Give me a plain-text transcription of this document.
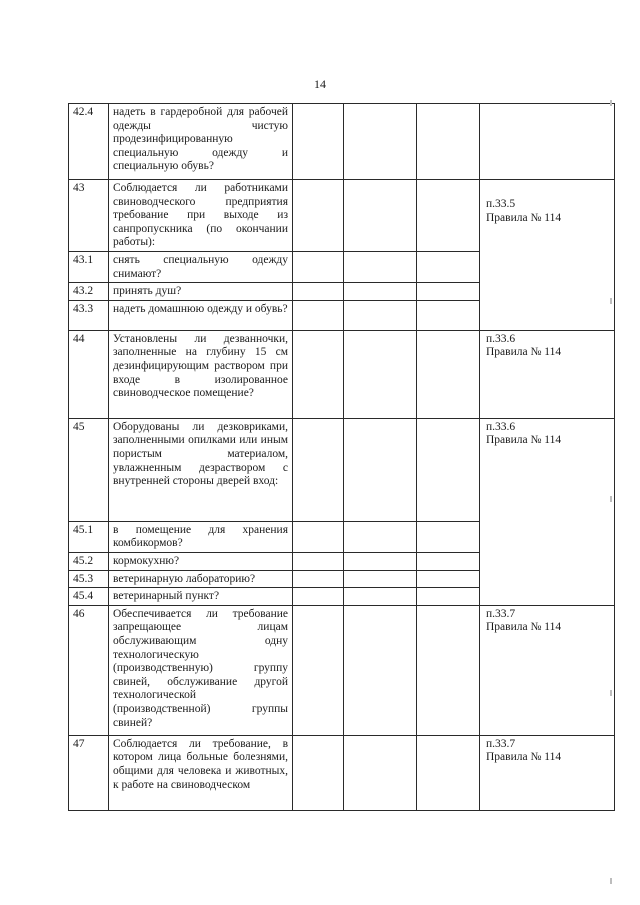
14
42.4	надеть в гардеробной для рабочей одежды чистую продезинфицированную специальную одежду и специальную обувь?				
43	Соблюдается ли работниками свиноводческого предприятия требование при выходе из санпропускника (по окончании работы):				п.33.5
Правила № 114
43.1	снять специальную одежду снимают?				
43.2	принять душ?				
43.3	надеть домашнюю одежду и обувь?				
44	Установлены ли дезванночки, заполненные на глубину 15 см дезинфицирующим раствором при входе в изолированное свиноводческое помещение?				п.33.6
Правила № 114
45	Оборудованы ли дезковриками, заполненными опилками или иным пористым материалом, увлажненным дезраствором с внутренней стороны дверей вход:				п.33.6
Правила № 114
45.1	в помещение для хранения комбикормов?				
45.2	кормокухню?				
45.3	ветеринарную лабораторию?				
45.4	ветеринарный пункт?				
46	Обеспечивается ли требование запрещающее лицам обслуживающим одну технологическую (производственную) группу свиней, обслуживание другой технологической (производственной) группы свиней?				п.33.7
Правила № 114
47	Соблюдается ли требование, в котором лица больные болезнями, общими для человека и животных, к работе на свиноводческом				п.33.7
Правила № 114
